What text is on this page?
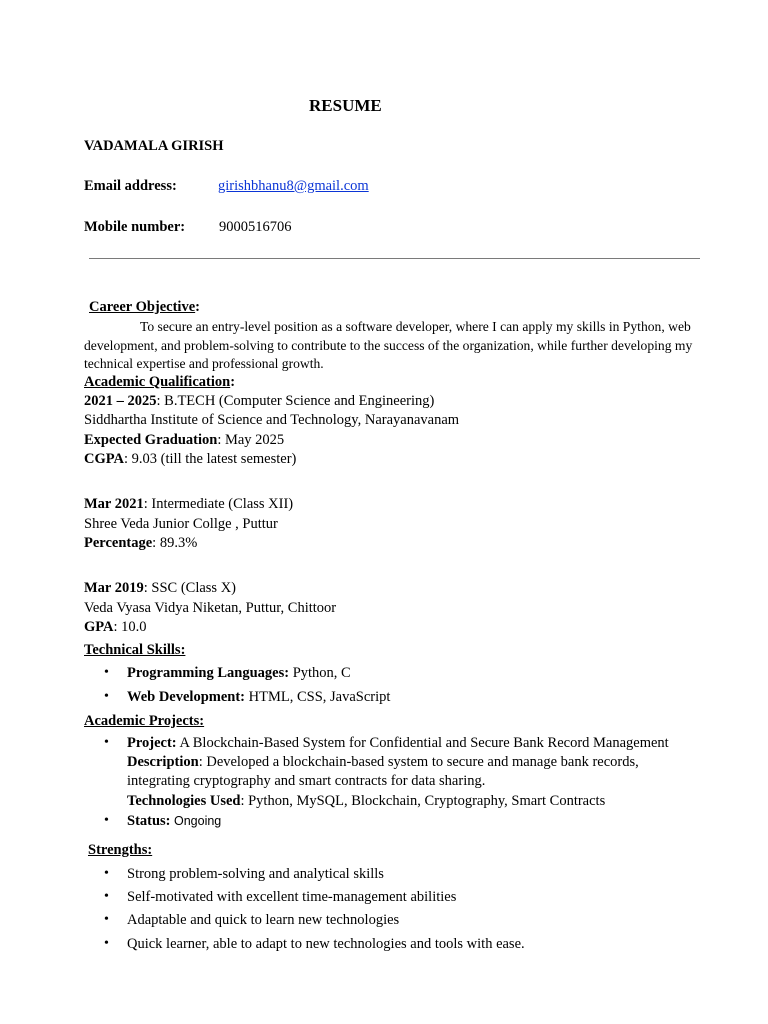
RESUME
VADAMALA GIRISH
Email address:	girishbhanu8@gmail.com
Mobile number: 9000516706
Career Objective:
To secure an entry-level position as a software developer, where I can apply my skills in Python, web development, and problem-solving to contribute to the success of the organization, while further developing my technical expertise and professional growth.
Academic Qualification:
2021 – 2025: B.TECH (Computer Science and Engineering)
Siddhartha Institute of Science and Technology, Narayanavanam
Expected Graduation: May 2025
CGPA: 9.03 (till the latest semester)
Mar 2021: Intermediate (Class XII)
Shree Veda Junior Collge , Puttur
Percentage: 89.3%
Mar 2019: SSC (Class X)
Veda Vyasa Vidya Niketan, Puttur, Chittoor
GPA: 10.0
Technical Skills:
• Programming Languages: Python, C
• Web Development: HTML, CSS, JavaScript
Academic Projects:
• Project: A Blockchain-Based System for Confidential and Secure Bank Record Management
Description: Developed a blockchain-based system to secure and manage bank records,
integrating cryptography and smart contracts for data sharing.
Technologies Used: Python, MySQL, Blockchain, Cryptography, Smart Contracts
• Status: Ongoing
Strengths:
• Strong problem-solving and analytical skills
• Self-motivated with excellent time-management abilities
• Adaptable and quick to learn new technologies
• Quick learner, able to adapt to new technologies and tools with ease.
